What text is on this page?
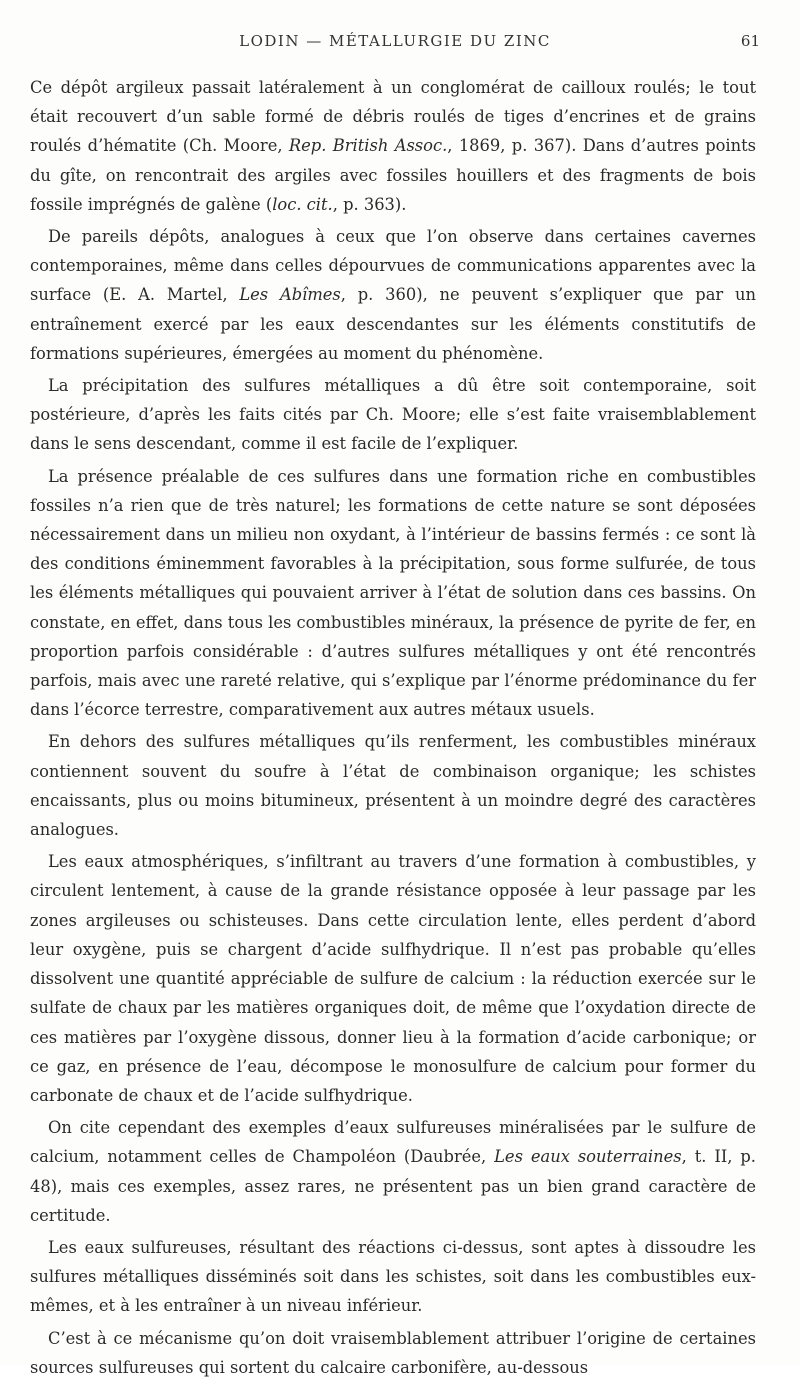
LODIN — MÉTALLURGIE DU ZINC	61

Ce dépôt argileux passait latéralement à un conglomérat de cailloux roulés; le tout était recouvert d’un sable formé de débris roulés de tiges d’encrines et de grains roulés d’hématite (Ch. Moore, Rep. British Assoc., 1869, p. 367). Dans d’autres points du gîte, on rencontrait des argiles avec fossiles houillers et des fragments de bois fossile imprégnés de galène (loc. cit., p. 363).

De pareils dépôts, analogues à ceux que l’on observe dans certaines cavernes contemporaines, même dans celles dépourvues de communications apparentes avec la surface (E. A. Martel, Les Abîmes, p. 360), ne peuvent s’expliquer que par un entraînement exercé par les eaux descendantes sur les éléments constitutifs de formations supérieures, émergées au moment du phénomène.

La précipitation des sulfures métalliques a dû être soit contemporaine, soit postérieure, d’après les faits cités par Ch. Moore; elle s’est faite vraisemblablement dans le sens descendant, comme il est facile de l’expliquer.

La présence préalable de ces sulfures dans une formation riche en combustibles fossiles n’a rien que de très naturel; les formations de cette nature se sont déposées nécessairement dans un milieu non oxydant, à l’intérieur de bassins fermés : ce sont là des conditions éminemment favorables à la précipitation, sous forme sulfurée, de tous les éléments métalliques qui pouvaient arriver à l’état de solution dans ces bassins. On constate, en effet, dans tous les combustibles minéraux, la présence de pyrite de fer, en proportion parfois considérable : d’autres sulfures métalliques y ont été rencontrés parfois, mais avec une rareté relative, qui s’explique par l’énorme prédominance du fer dans l’écorce terrestre, comparativement aux autres métaux usuels.

En dehors des sulfures métalliques qu’ils renferment, les combustibles minéraux contiennent souvent du soufre à l’état de combinaison organique; les schistes encaissants, plus ou moins bitumineux, présentent à un moindre degré des caractères analogues.

Les eaux atmosphériques, s’infiltrant au travers d’une formation à combustibles, y circulent lentement, à cause de la grande résistance opposée à leur passage par les zones argileuses ou schisteuses. Dans cette circulation lente, elles perdent d’abord leur oxygène, puis se chargent d’acide sulfhydrique. Il n’est pas probable qu’elles dissolvent une quantité appréciable de sulfure de calcium : la réduction exercée sur le sulfate de chaux par les matières organiques doit, de même que l’oxydation directe de ces matières par l’oxygène dissous, donner lieu à la formation d’acide carbonique; or ce gaz, en présence de l’eau, décompose le monosulfure de calcium pour former du carbonate de chaux et de l’acide sulfhydrique.

On cite cependant des exemples d’eaux sulfureuses minéralisées par le sulfure de calcium, notamment celles de Champoléon (Daubrée, Les eaux souterraines, t. II, p. 48), mais ces exemples, assez rares, ne présentent pas un bien grand caractère de certitude.

Les eaux sulfureuses, résultant des réactions ci-dessus, sont aptes à dissoudre les sulfures métalliques disséminés soit dans les schistes, soit dans les combustibles eux-mêmes, et à les entraîner à un niveau inférieur.

C’est à ce mécanisme qu’on doit vraisemblablement attribuer l’origine de certaines sources sulfureuses qui sortent du calcaire carbonifère, au-dessous
